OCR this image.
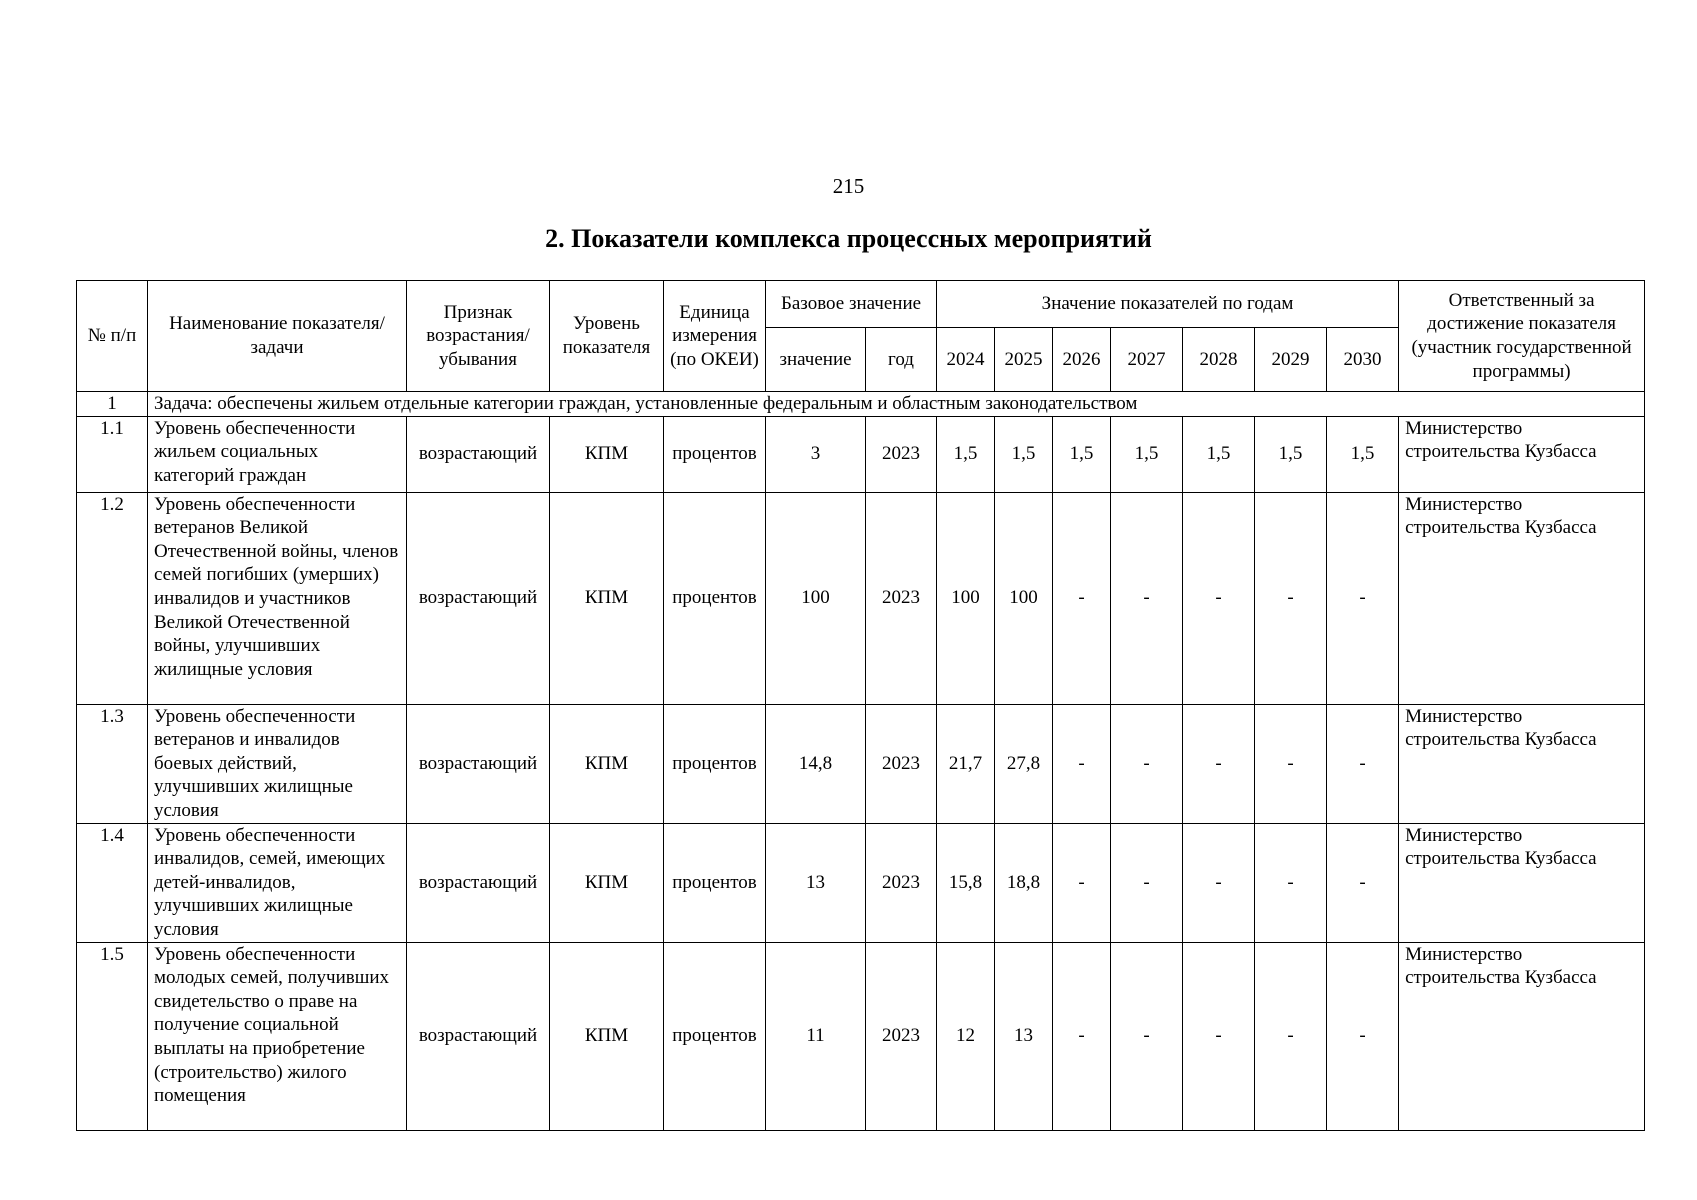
215
2. Показатели комплекса процессных мероприятий
№ п/п	Наименование показателя/задачи	Признак возрастания/ убывания	Уровень показателя	Единица измерения (по ОКЕИ)	Базовое значение		Значение показателей по годам							Ответственный за достижение показателя (участник государственной программы)
					значение	год	2024	2025	2026	2027	2028	2029	2030	
1	Задача: обеспечены жильем отдельные категории граждан, установленные федеральным и областным законодательством													
1.1	Уровень обеспеченности жильем социальных категорий граждан	возрастающий	КПМ	процентов	3	2023	1,5	1,5	1,5	1,5	1,5	1,5	1,5	Министерство строительства Кузбасса
1.2	Уровень обеспеченности ветеранов Великой Отечественной войны, членов семей погибших (умерших) инвалидов и участников Великой Отечественной войны, улучшивших жилищные условия	возрастающий	КПМ	процентов	100	2023	100	100	-	-	-	-	-	Министерство строительства Кузбасса
1.3	Уровень обеспеченности ветеранов и инвалидов боевых действий, улучшивших жилищные условия	возрастающий	КПМ	процентов	14,8	2023	21,7	27,8	-	-	-	-	-	Министерство строительства Кузбасса
1.4	Уровень обеспеченности инвалидов, семей, имеющих детей-инвалидов, улучшивших жилищные условия	возрастающий	КПМ	процентов	13	2023	15,8	18,8	-	-	-	-	-	Министерство строительства Кузбасса
1.5	Уровень обеспеченности молодых семей, получивших свидетельство о праве на получение социальной выплаты на приобретение (строительство) жилого помещения	возрастающий	КПМ	процентов	11	2023	12	13	-	-	-	-	-	Министерство строительства Кузбасса
